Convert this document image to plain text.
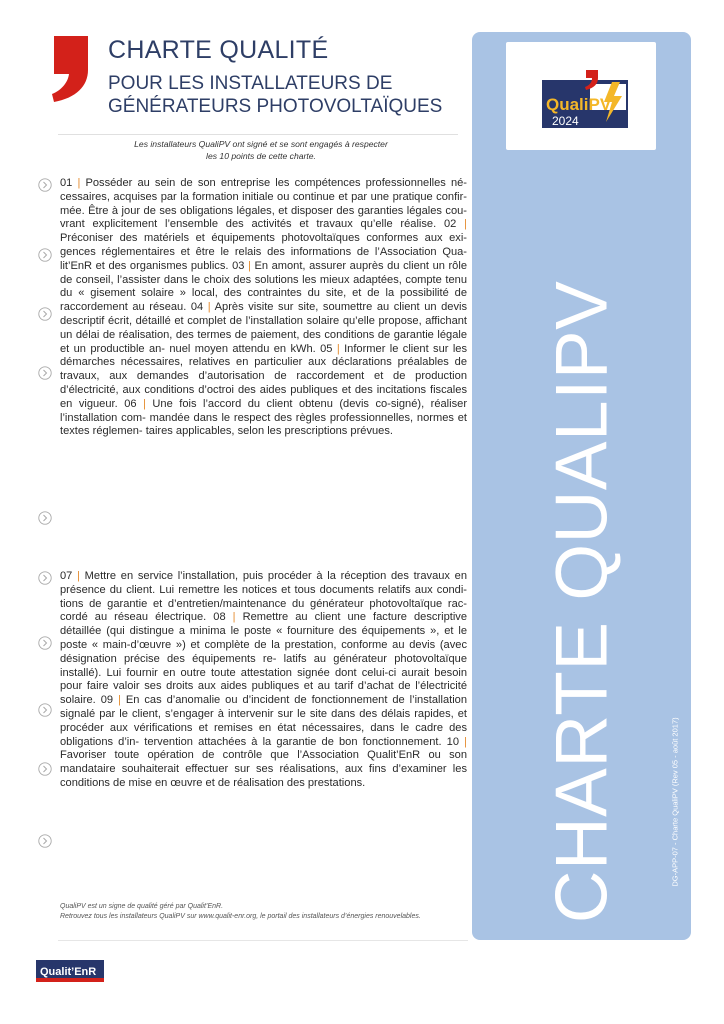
CHARTE QUALITÉ
POUR LES INSTALLATEURS DE
GÉNÉRATEURS PHOTOVOLTAÏQUES
Les installateurs QualiPV ont signé et se sont engagés à respecter
les 10 points de cette charte.
01 | Posséder au sein de son entreprise les compétences professionnelles né- cessaires, acquises par la formation initiale ou continue et par une pratique confir- mée. Être à jour de ses obligations légales, et disposer des garanties légales cou- vrant explicitement l’ensemble des activités et travaux qu’elle réalise. 02 | Préconiser des matériels et équipements photovoltaïques conformes aux exi- gences réglementaires et être le relais des informations de l’Association Qua- lit’EnR et des organismes publics. 03 | En amont, assurer auprès du client un rôle de conseil, l’assister dans le choix des solutions les mieux adaptées, compte tenu du « gisement solaire » local, des contraintes du site, et de la possibilité de raccordement au réseau. 04 | Après visite sur site, soumettre au client un devis descriptif écrit, détaillé et complet de l’installation solaire qu’elle propose, affichant un délai de réalisation, des termes de paiement, des conditions de garantie légale et un productible an- nuel moyen attendu en kWh. 05 | Informer le client sur les démarches nécessaires, relatives en particulier aux déclarations préalables de travaux, aux demandes d’autorisation de raccordement et de production d’électricité, aux conditions d’octroi des aides publiques et des incitations fiscales en vigueur. 06 | Une fois l’accord du client obtenu (devis co-signé), réaliser l’installation com- mandée dans le respect des règles professionnelles, normes et textes réglemen- taires applicables, selon les prescriptions prévues.
07 | Mettre en service l’installation, puis procéder à la réception des travaux en présence du client. Lui remettre les notices et tous documents relatifs aux condi- tions de garantie et d’entretien/maintenance du générateur photovoltaïque rac- cordé au réseau électrique. 08 | Remettre au client une facture descriptive détaillée (qui distingue a minima le poste « fourniture des équipements », et le poste « main-d’œuvre ») et complète de la prestation, conforme au devis (avec désignation précise des équipements re- latifs au générateur photovoltaïque installé). Lui fournir en outre toute attestation signée dont celui-ci aurait besoin pour faire valoir ses droits aux aides publiques et au tarif d’achat de l’électricité solaire. 09 | En cas d’anomalie ou d’incident de fonctionnement de l’installation signalé par le client, s’engager à intervenir sur le site dans des délais rapides, et procéder aux vérifications et remises en état nécessaires, dans le cadre des obligations d’in- tervention attachées à la garantie de bon fonctionnement. 10 | Favoriser toute opération de contrôle que l’Association Qualit’EnR ou son mandataire souhaiterait effectuer sur ses réalisations, aux fins d’examiner les conditions de mise en œuvre et de réalisation des prestations.
QualiPV est un signe de qualité géré par Qualit’EnR.
Retrouvez tous les installateurs QualiPV sur www.qualit-enr.org, le portail des installateurs d’énergies renouvelables.
Qualit’EnR
QualiPV
2024
CHARTE QUALIPV	DG-APP-07 - Charte QualiPV (Rev 05 - août 2017)
